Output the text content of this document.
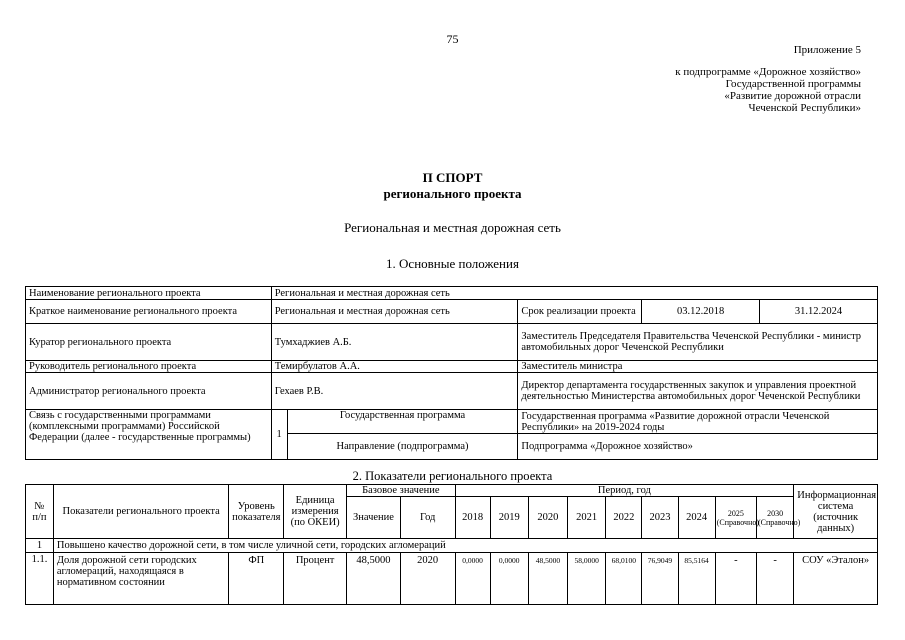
75
Приложение 5
к подпрограмме «Дорожное хозяйство»
Государственной программы
«Развитие дорожной отрасли
Чеченской Республики»
П СПОРТ
регионального проекта
Региональная и местная дорожная сеть
1. Основные положения
Наименование регионального проекта	Региональная и местная дорожная сеть				
Краткое наименование регионального проекта	Региональная и местная дорожная сеть		Срок реализации проекта	03.12.2018	31.12.2024
Куратор регионального проекта	Тумхаджиев А.Б.		Заместитель Председателя Правительства Чеченской Республики - министр автомобильных дорог Чеченской Республики		
Руководитель регионального проекта	Темирбулатов А.А.		Заместитель министра		
Администратор регионального проекта	Гехаев Р.В.		Директор департамента государственных закупок и управления проектной деятельностью Министерства автомобильных дорог Чеченской Республики		
Связь с государственными программами (комплексными программами) Российской Федерации (далее - государственные программы)	1	Государственная программа	Государственная программа «Развитие дорожной отрасли Чеченской Республики» на 2019-2024 годы		
		Направление (подпрограмма)	Подпрограмма «Дорожное хозяйство»		
2. Показатели регионального проекта
№ п/п	Показатели регионального проекта	Уровень показателя	Единица измерения (по ОКЕИ)	Базовое значение		Период, год									Информационная система (источник данных)
				Значение	Год	2018	2019	2020	2021	2022	2023	2024	2025 (Справочно)	2030 (Справочно)	
1	Повышено качество дорожной сети, в том числе уличной сети, городских агломераций														
1.1.	Доля дорожной сети городских агломераций, находящаяся в нормативном состоянии	ФП	Процент	48,5000	2020	0,0000	0,0000	48,5000	58,0000	68,0100	76,9049	85,5164	-	-	СОУ «Эталон»
